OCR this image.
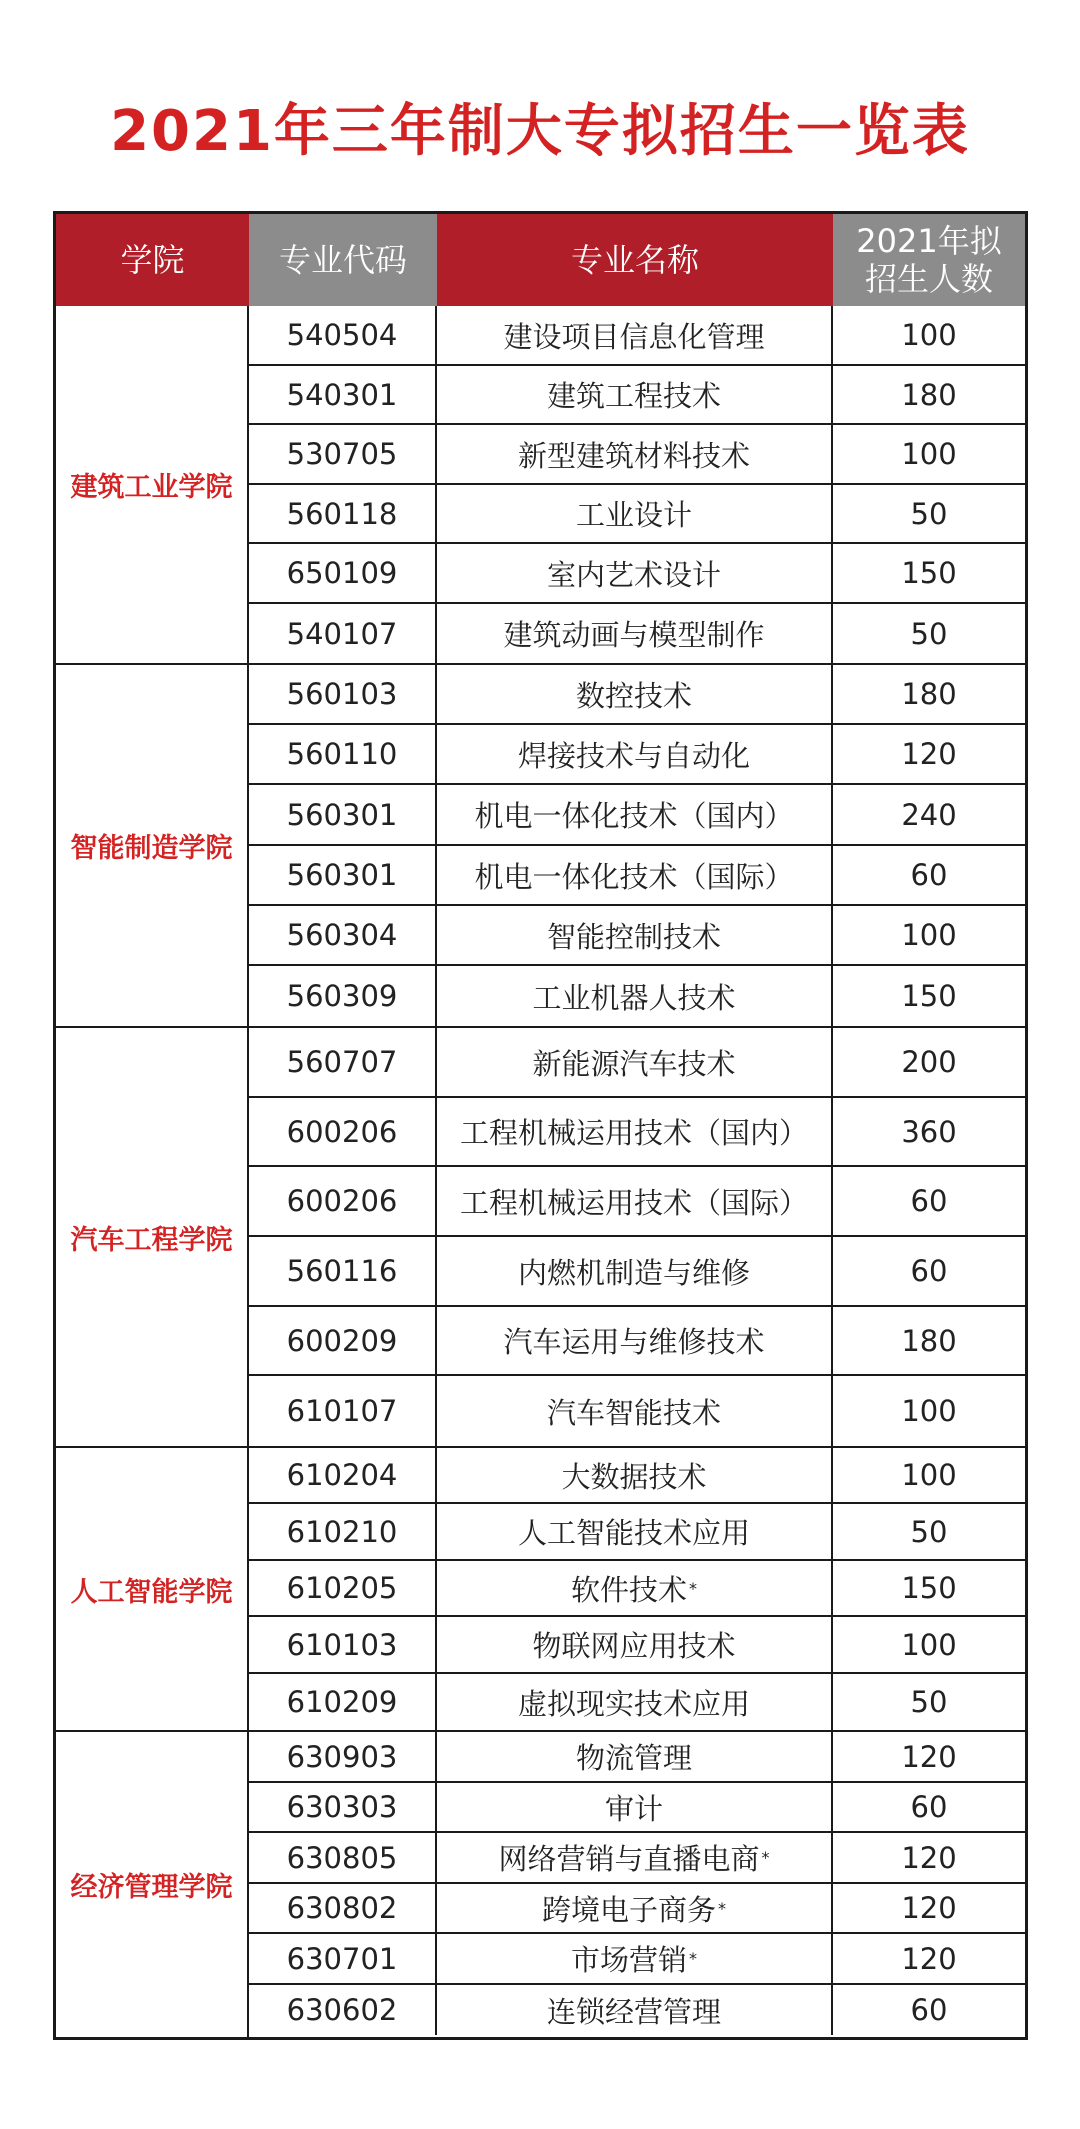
2021年三年制大专拟招生一览表
学院	专业代码	专业名称	2021年拟
招生人数
建筑工业学院
540504	建设项目信息化管理	100
540301	建筑工程技术	180
530705	新型建筑材料技术	100
560118	工业设计	50
650109	室内艺术设计	150
540107	建筑动画与模型制作	50
智能制造学院
560103	数控技术	180
560110	焊接技术与自动化	120
560301	机电一体化技术（国内）	240
560301	机电一体化技术（国际）	60
560304	智能控制技术	100
560309	工业机器人技术	150
汽车工程学院
560707	新能源汽车技术	200
600206	工程机械运用技术（国内）	360
600206	工程机械运用技术（国际）	60
560116	内燃机制造与维修	60
600209	汽车运用与维修技术	180
610107	汽车智能技术	100
人工智能学院
610204	大数据技术	100
610210	人工智能技术应用	50
610205	软件技术 *	150
610103	物联网应用技术	100
610209	虚拟现实技术应用	50
经济管理学院
630903	物流管理	120
630303	审计	60
630805	网络营销与直播电商 *	120
630802	跨境电子商务 *	120
630701	市场营销 *	120
630602	连锁经营管理	60
